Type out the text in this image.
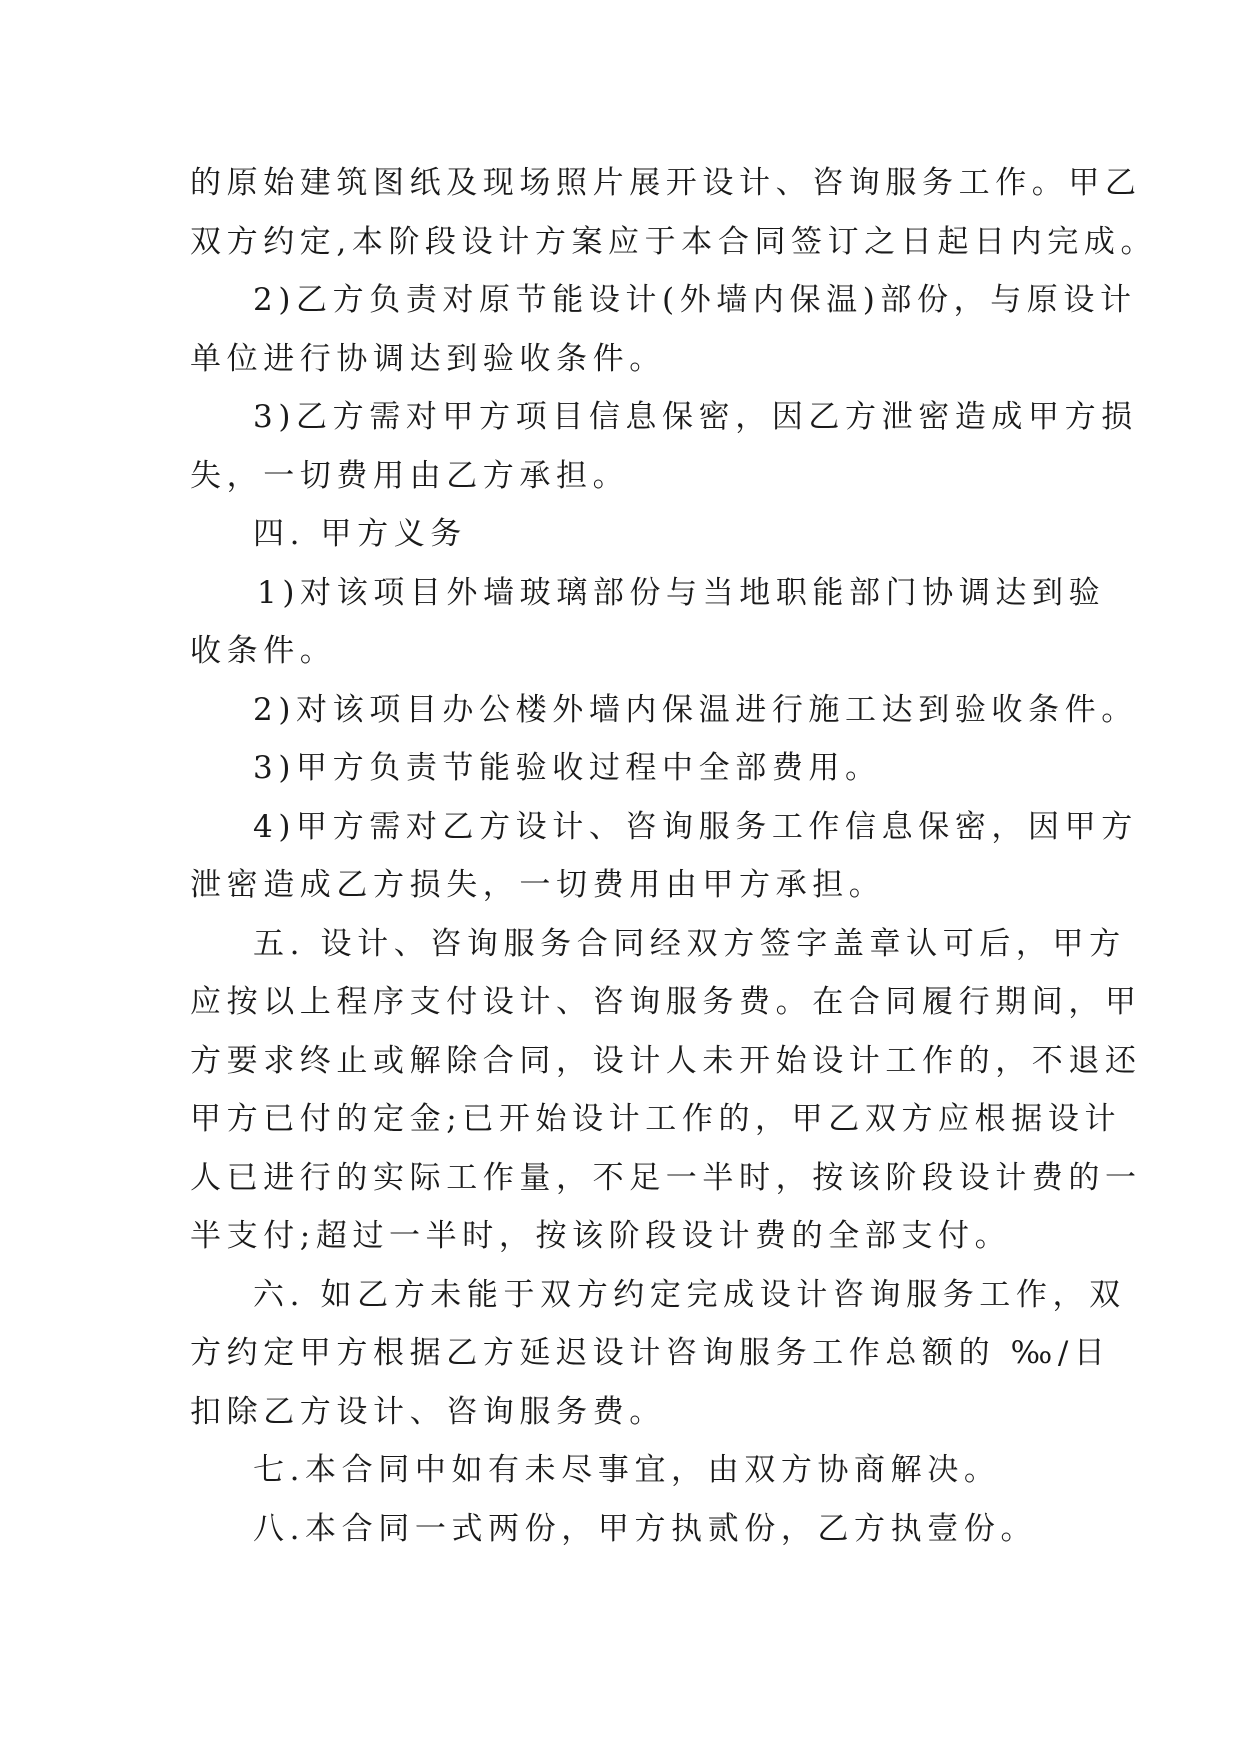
的原始建筑图纸及现场照片展开设计、咨询服务工作。甲乙
双方约定,本阶段设计方案应于本合同签订之日起日内完成。
2)乙方负责对原节能设计(外墙内保温)部份，与原设计
单位进行协调达到验收条件。
3)乙方需对甲方项目信息保密，因乙方泄密造成甲方损
失，一切费用由乙方承担。
四. 甲方义务
1)对该项目外墙玻璃部份与当地职能部门协调达到验
收条件。
2)对该项目办公楼外墙内保温进行施工达到验收条件。
3)甲方负责节能验收过程中全部费用。
4)甲方需对乙方设计、咨询服务工作信息保密，因甲方
泄密造成乙方损失，一切费用由甲方承担。
五. 设计、咨询服务合同经双方签字盖章认可后，甲方
应按以上程序支付设计、咨询服务费。在合同履行期间，甲
方要求终止或解除合同，设计人未开始设计工作的，不退还
甲方已付的定金;已开始设计工作的，甲乙双方应根据设计
人已进行的实际工作量，不足一半时，按该阶段设计费的一
半支付;超过一半时，按该阶段设计费的全部支付。
六. 如乙方未能于双方约定完成设计咨询服务工作，双
方约定甲方根据乙方延迟设计咨询服务工作总额的 ‰/日
扣除乙方设计、咨询服务费。
七.本合同中如有未尽事宜，由双方协商解决。
八.本合同一式两份，甲方执贰份，乙方执壹份。
